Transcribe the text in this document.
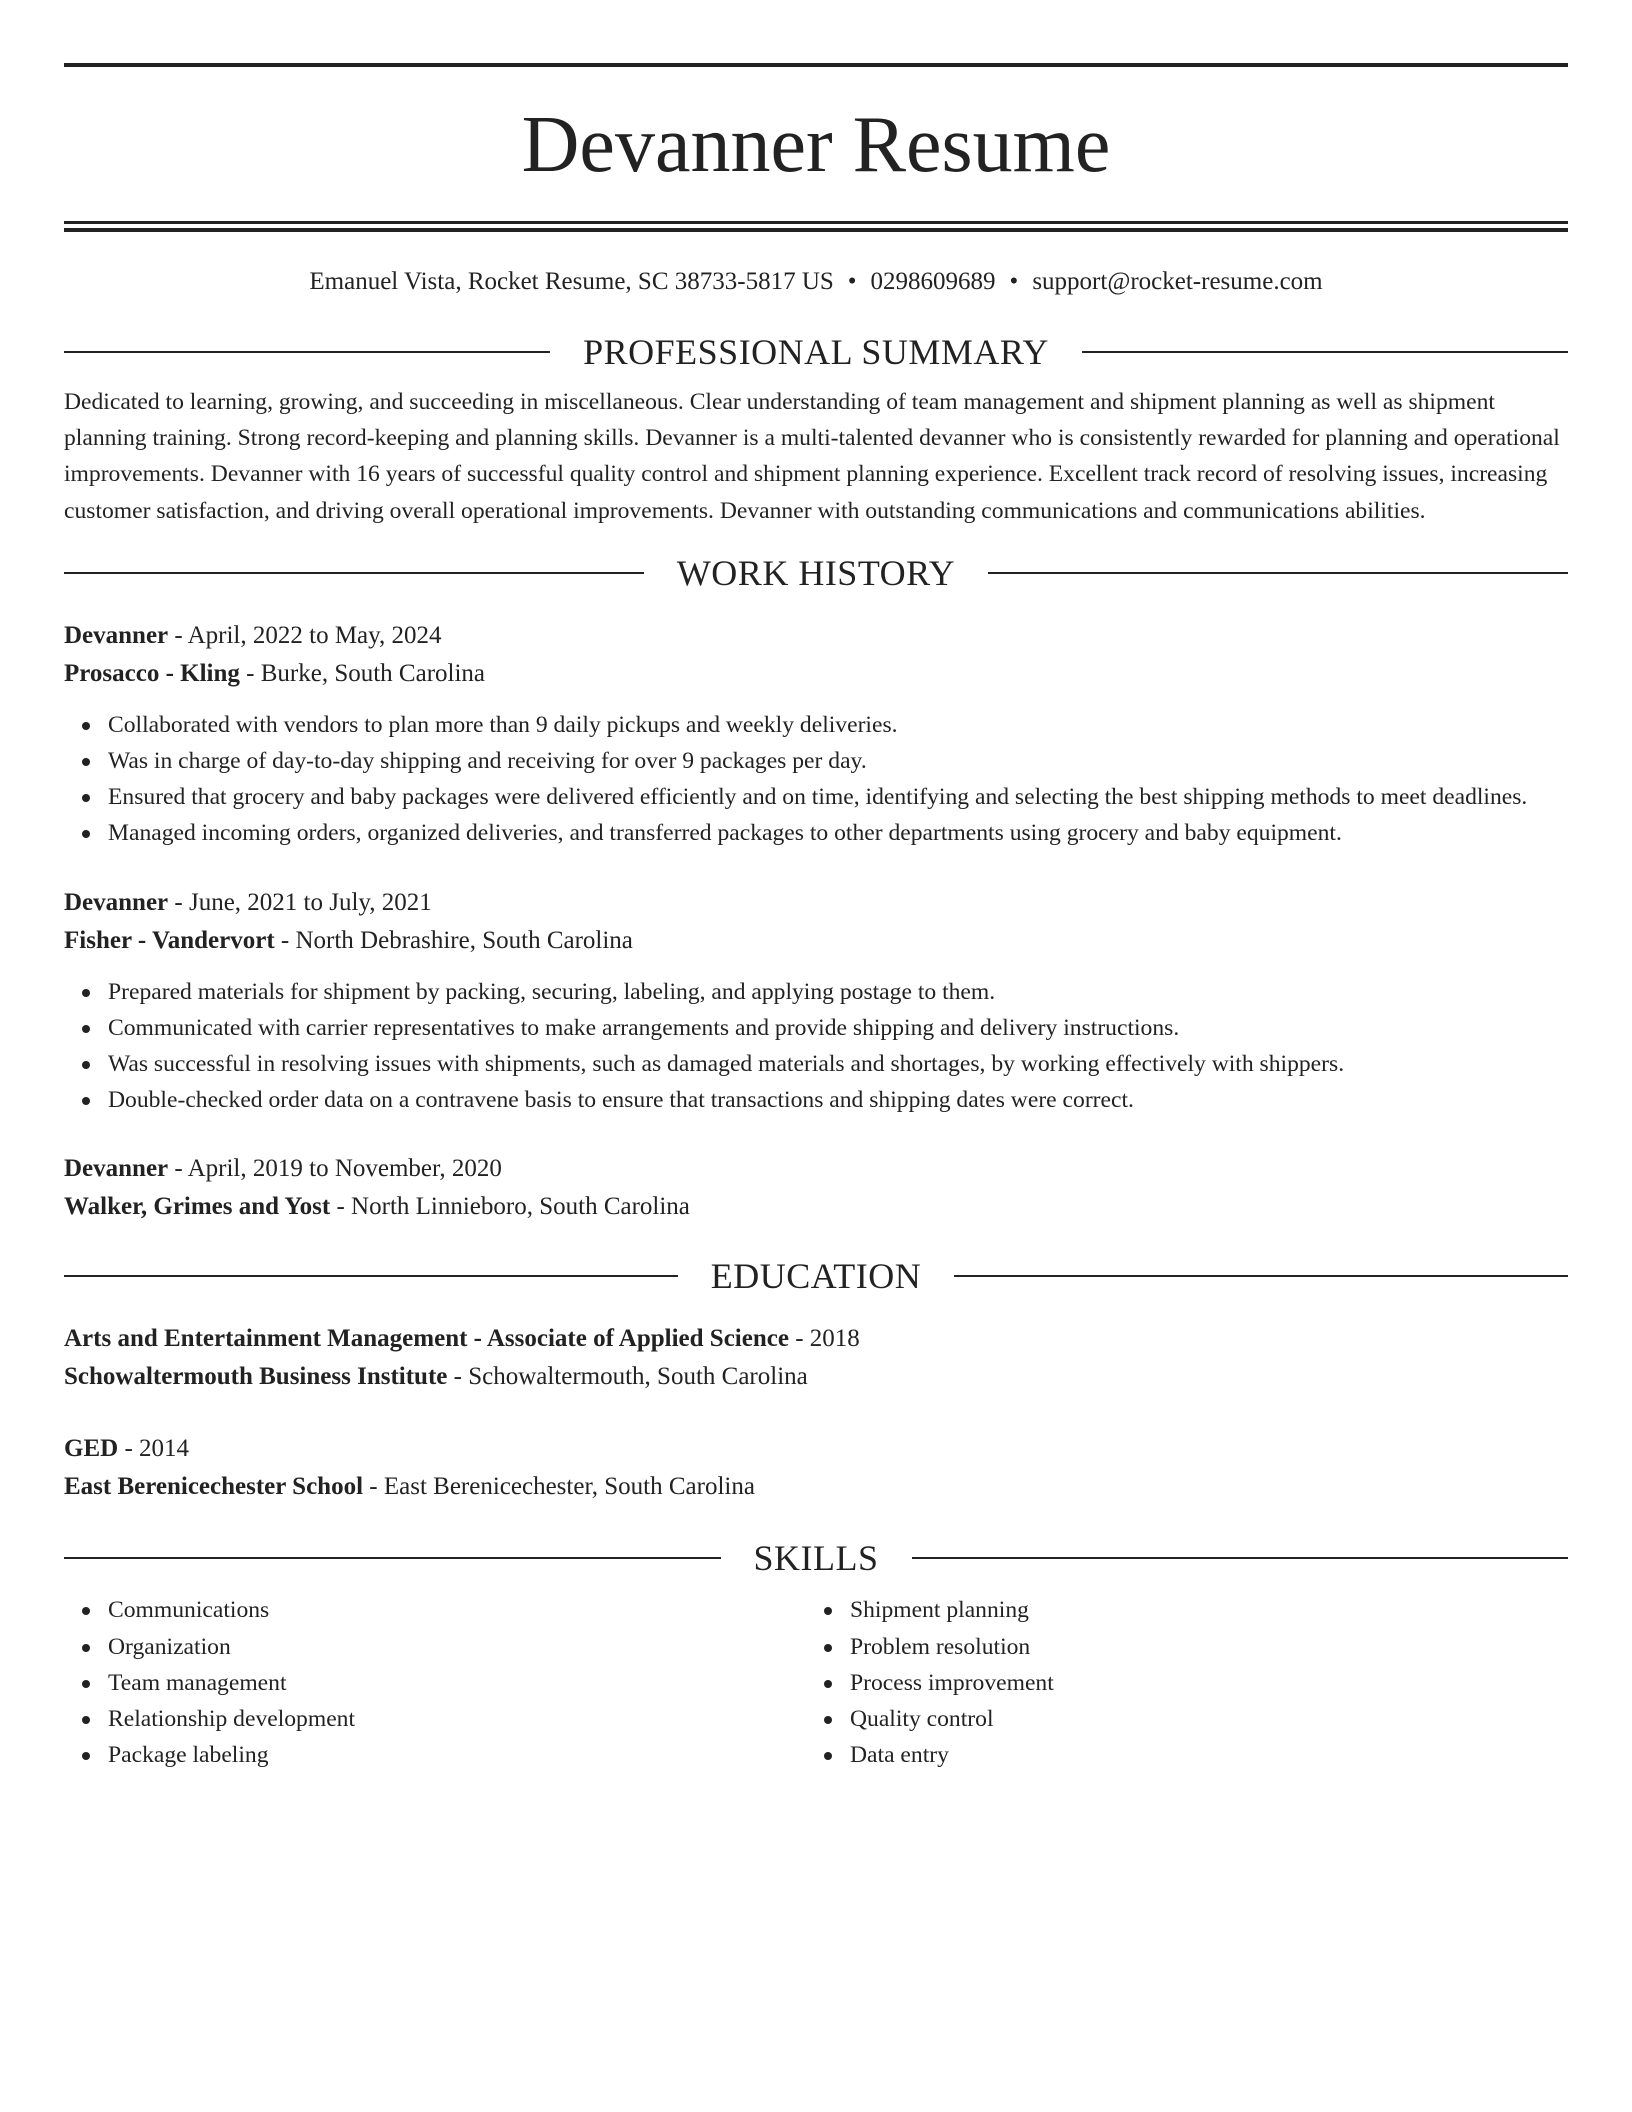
Devanner Resume
Emanuel Vista, Rocket Resume, SC 38733-5817 US • 0298609689 • support@rocket-resume.com
PROFESSIONAL SUMMARY

Dedicated to learning, growing, and succeeding in miscellaneous. Clear understanding of team management and shipment planning as well as shipment planning training. Strong record-keeping and planning skills. Devanner is a multi-talented devanner who is consistently rewarded for planning and operational improvements. Devanner with 16 years of successful quality control and shipment planning experience. Excellent track record of resolving issues, increasing customer satisfaction, and driving overall operational improvements. Devanner with outstanding communications and communications abilities.

WORK HISTORY
Devanner - April, 2022 to May, 2024
Prosacco - Kling - Burke, South Carolina
Collaborated with vendors to plan more than 9 daily pickups and weekly deliveries.
Was in charge of day-to-day shipping and receiving for over 9 packages per day.
Ensured that grocery and baby packages were delivered efficiently and on time, identifying and selecting the best shipping methods to meet deadlines.
Managed incoming orders, organized deliveries, and transferred packages to other departments using grocery and baby equipment.
Devanner - June, 2021 to July, 2021
Fisher - Vandervort - North Debrashire, South Carolina
Prepared materials for shipment by packing, securing, labeling, and applying postage to them.
Communicated with carrier representatives to make arrangements and provide shipping and delivery instructions.
Was successful in resolving issues with shipments, such as damaged materials and shortages, by working effectively with shippers.
Double-checked order data on a contravene basis to ensure that transactions and shipping dates were correct.
Devanner - April, 2019 to November, 2020
Walker, Grimes and Yost - North Linnieboro, South Carolina
EDUCATION
Arts and Entertainment Management - Associate of Applied Science - 2018
Schowaltermouth Business Institute - Schowaltermouth, South Carolina
GED - 2014
East Berenicechester School - East Berenicechester, South Carolina
SKILLS
Communications
Organization
Team management
Relationship development
Package labeling
Shipment planning
Problem resolution
Process improvement
Quality control
Data entry
